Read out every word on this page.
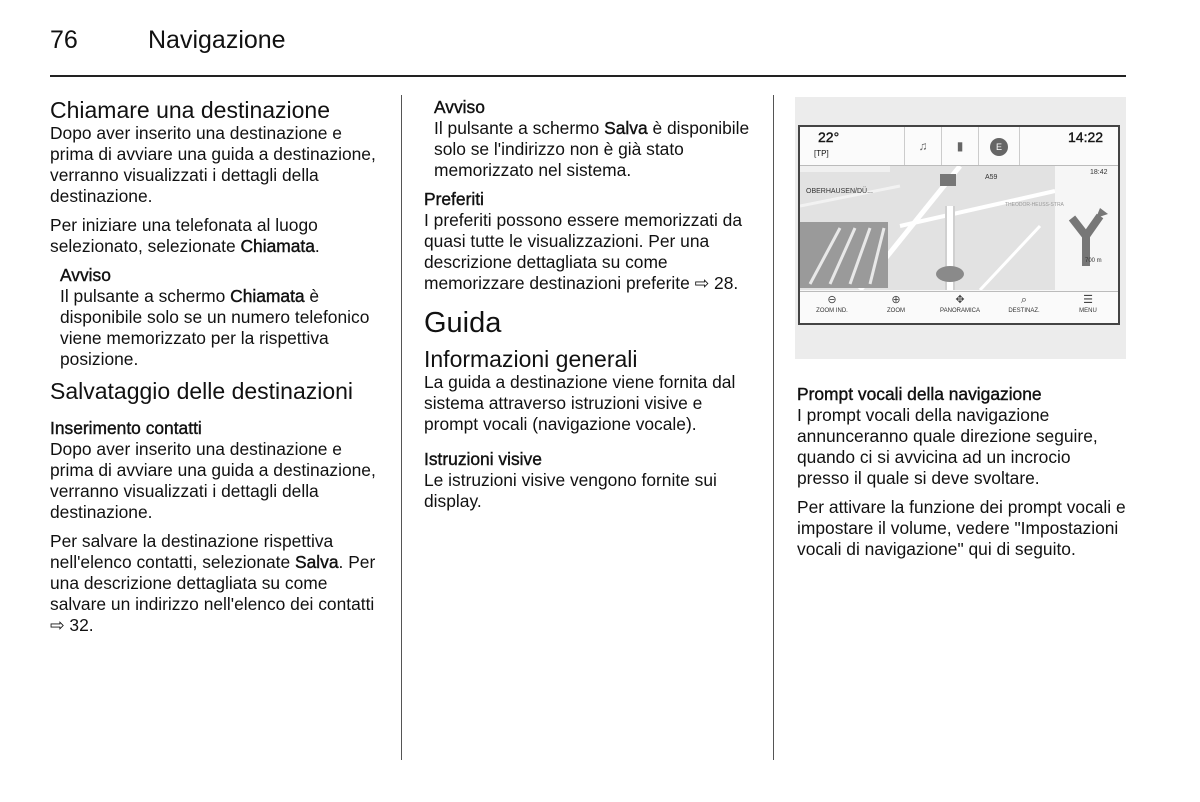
76	Navigazione
Chiamare una destinazione

Dopo aver inserito una destinazione e prima di avviare una guida a destinazione, verranno visualizzati i dettagli della destinazione.

Per iniziare una telefonata al luogo selezionato, selezionate Chiamata.

Avviso

Il pulsante a schermo Chiamata è disponibile solo se un numero telefonico viene memorizzato per la rispettiva posizione.

Salvataggio delle destinazioni
Inserimento contatti

Dopo aver inserito una destinazione e prima di avviare una guida a destinazione, verranno visualizzati i dettagli della destinazione.

Per salvare la destinazione rispettiva nell'elenco contatti, selezionate Salva. Per una descrizione dettagliata su come salvare un indirizzo nell'elenco dei contatti ⇨ 32.

Avviso

Il pulsante a schermo Salva è disponibile solo se l'indirizzo non è già stato memorizzato nel sistema.

Preferiti

I preferiti possono essere memorizzati da quasi tutte le visualizzazioni. Per una descrizione dettagliata su come memorizzare destinazioni preferite ⇨ 28.

Guida
Informazioni generali

La guida a destinazione viene fornita dal sistema attraverso istruzioni visive e prompt vocali (navigazione vocale).

Istruzioni visive

Le istruzioni visive vengono fornite sui display.

22°
[TP]
♫	▮	E
14:22
A59
OBERHAUSEN/DÜ...
THEODOR-HEUSS-STRA
18:42
700 m
⊖
ZOOM IND.
⊕
ZOOM
✥
PANORAMICA
⌕
DESTINAZ.
☰
MENU
Prompt vocali della navigazione

I prompt vocali della navigazione annunceranno quale direzione seguire, quando ci si avvicina ad un incrocio presso il quale si deve svoltare.

Per attivare la funzione dei prompt vocali e impostare il volume, vedere "Impostazioni vocali di navigazione" qui di seguito.
